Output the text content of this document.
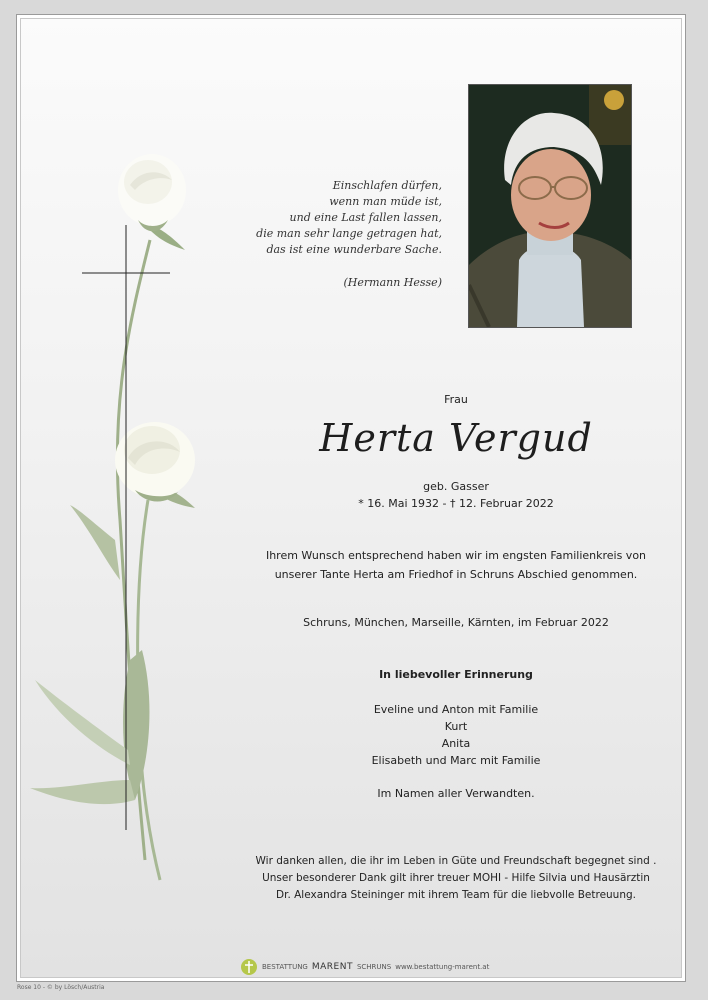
Einschlafen dürfen,
wenn man müde ist,
und eine Last fallen lassen,
die man sehr lange getragen hat,
das ist eine wunderbare Sache.
(Hermann Hesse)
Frau
Herta Vergud
geb. Gasser
* 16. Mai 1932 - † 12. Februar 2022
Ihrem Wunsch entsprechend haben wir im engsten Familienkreis von
unserer Tante Herta am Friedhof in Schruns Abschied genommen.
Schruns, München, Marseille, Kärnten, im Februar 2022
In liebevoller Erinnerung
Eveline und Anton mit Familie
Kurt
Anita
Elisabeth und Marc mit Familie
Im Namen aller Verwandten.
Wir danken allen, die ihr im Leben in Güte und Freundschaft begegnet sind .
Unser besonderer Dank gilt ihrer treuer MOHI - Hilfe Silvia und Hausärztin
Dr. Alexandra Steininger mit ihrem Team für die liebvolle Betreuung.
BESTATTUNG MARENT SCHRUNS www.bestattung-marent.at
Rose 10 - © by Lösch/Austria
